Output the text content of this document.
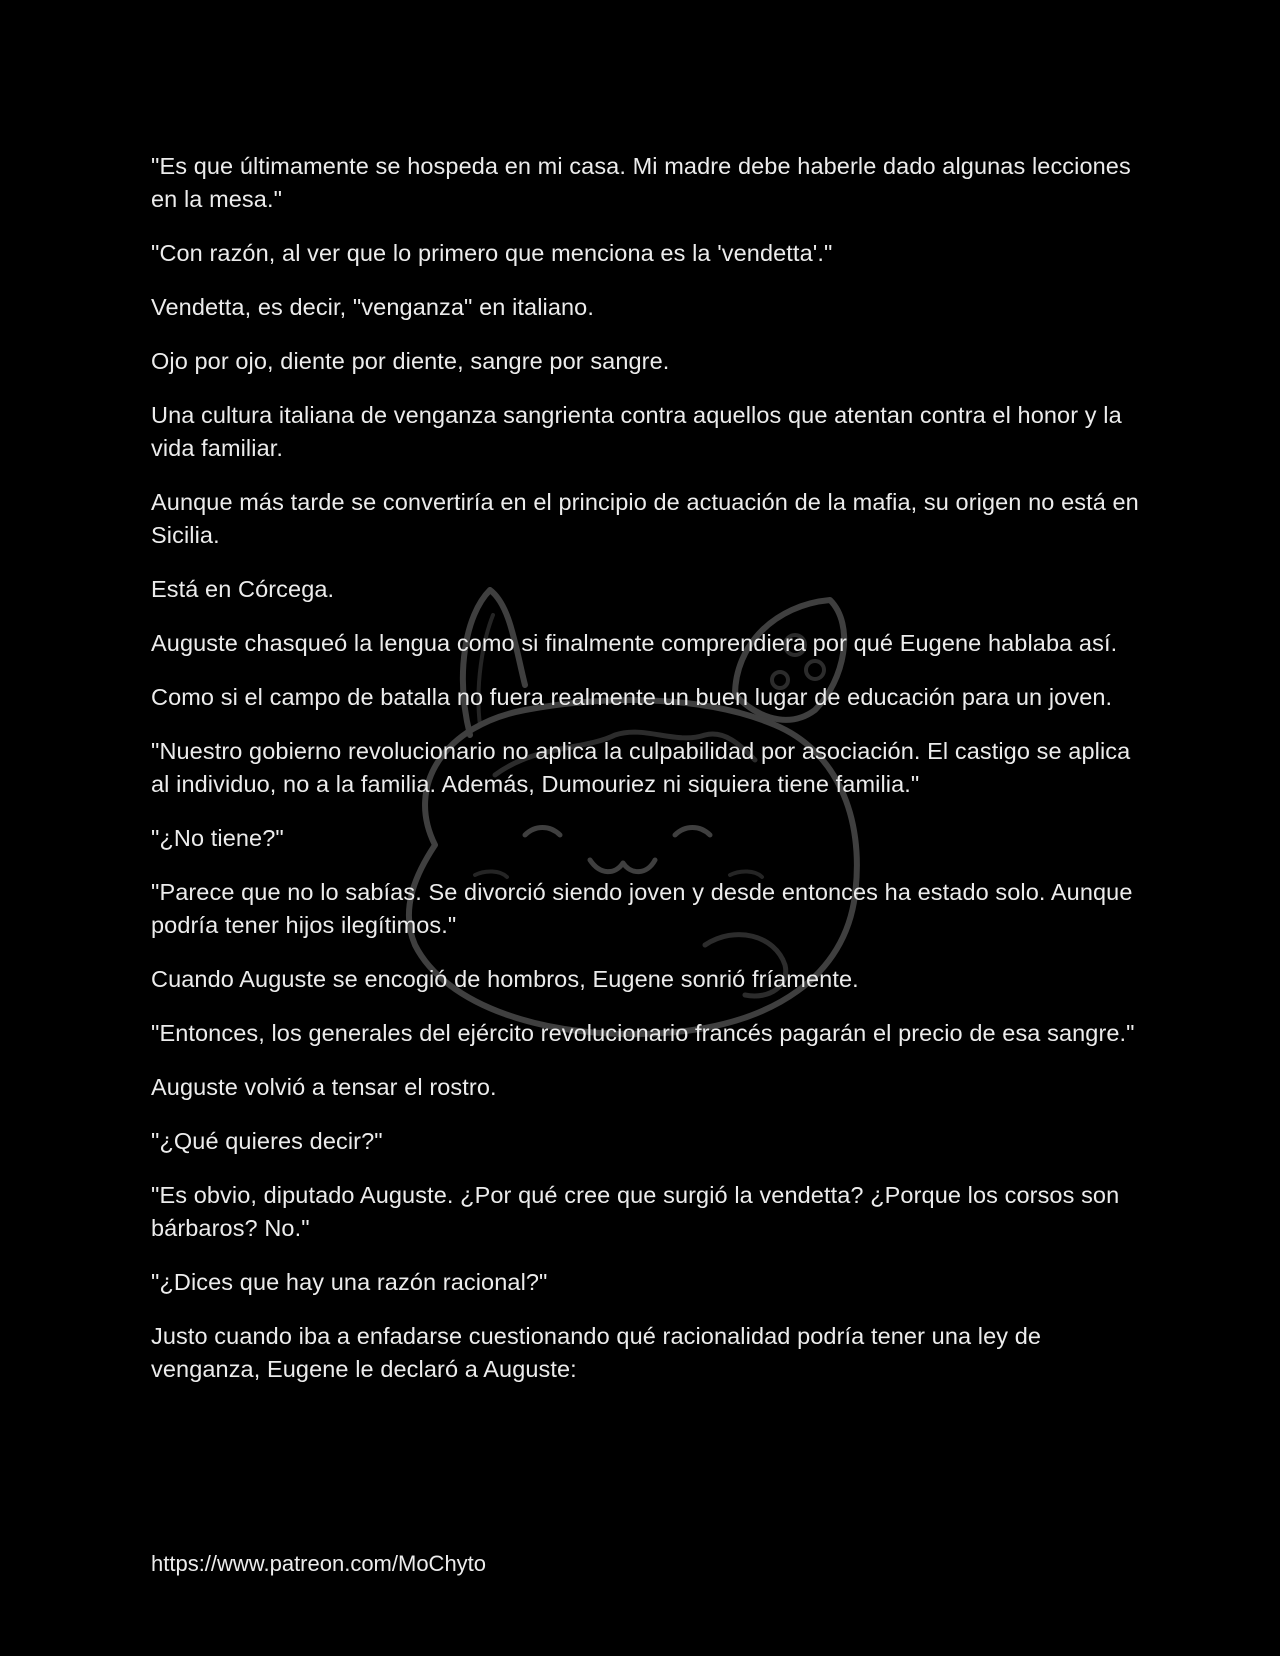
"Es que últimamente se hospeda en mi casa. Mi madre debe haberle dado algunas lecciones en la mesa."

"Con razón, al ver que lo primero que menciona es la 'vendetta'."

Vendetta, es decir, "venganza" en italiano.

Ojo por ojo, diente por diente, sangre por sangre.

Una cultura italiana de venganza sangrienta contra aquellos que atentan contra el honor y la vida familiar.

Aunque más tarde se convertiría en el principio de actuación de la mafia, su origen no está en Sicilia.

Está en Córcega.

Auguste chasqueó la lengua como si finalmente comprendiera por qué Eugene hablaba así.

Como si el campo de batalla no fuera realmente un buen lugar de educación para un joven.

"Nuestro gobierno revolucionario no aplica la culpabilidad por asociación. El castigo se aplica al individuo, no a la familia. Además, Dumouriez ni siquiera tiene familia."

"¿No tiene?"

"Parece que no lo sabías. Se divorció siendo joven y desde entonces ha estado solo. Aunque podría tener hijos ilegítimos."

Cuando Auguste se encogió de hombros, Eugene sonrió fríamente.

"Entonces, los generales del ejército revolucionario francés pagarán el precio de esa sangre."

Auguste volvió a tensar el rostro.

"¿Qué quieres decir?"

"Es obvio, diputado Auguste. ¿Por qué cree que surgió la vendetta? ¿Porque los corsos son bárbaros? No."

"¿Dices que hay una razón racional?"

Justo cuando iba a enfadarse cuestionando qué racionalidad podría tener una ley de venganza, Eugene le declaró a Auguste:

https://www.patreon.com/MoChyto
